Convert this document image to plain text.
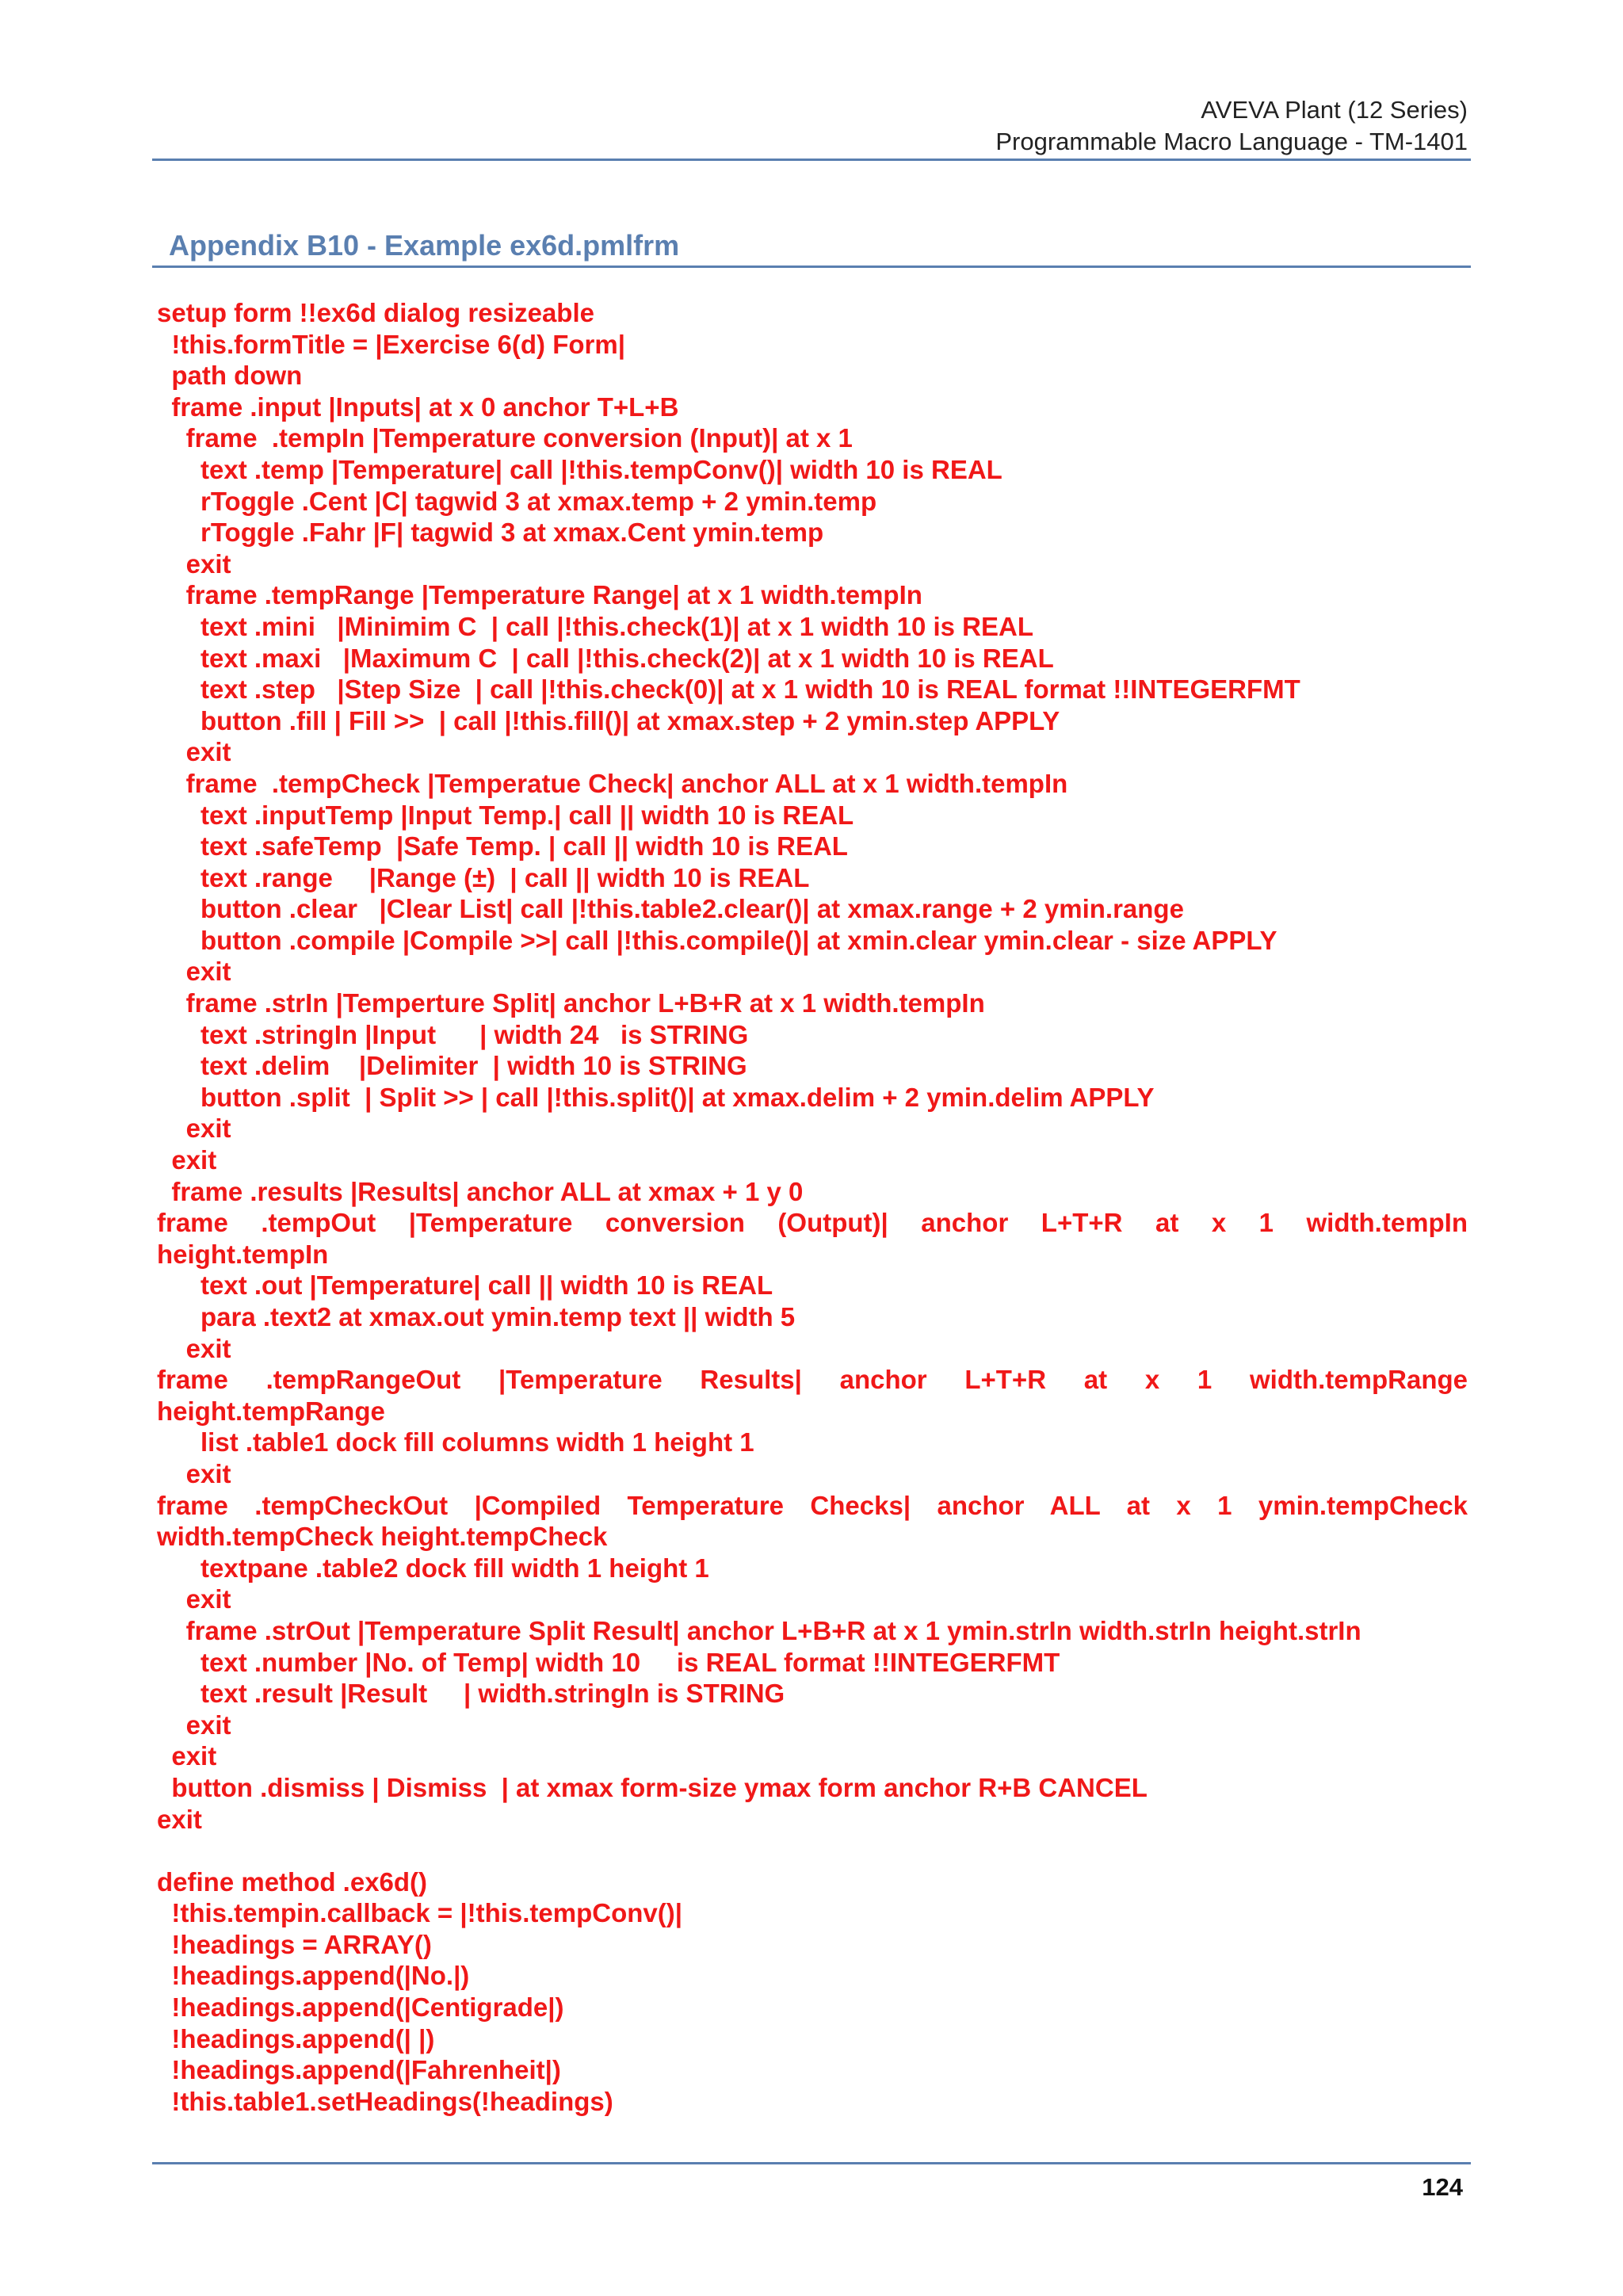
AVEVA Plant (12 Series)
Programmable Macro Language - TM-1401
Appendix B10 - Example ex6d.pmlfrm
setup form !!ex6d dialog resizeable
!this.formTitle = |Exercise 6(d) Form|
path down
frame .input |Inputs| at x 0 anchor T+L+B
frame  .tempIn |Temperature conversion (Input)| at x 1
text .temp |Temperature| call |!this.tempConv()| width 10 is REAL
rToggle .Cent |C| tagwid 3 at xmax.temp + 2 ymin.temp
rToggle .Fahr |F| tagwid 3 at xmax.Cent ymin.temp
exit
frame .tempRange |Temperature Range| at x 1 width.tempIn
text .mini   |Minimim C  | call |!this.check(1)| at x 1 width 10 is REAL
text .maxi   |Maximum C  | call |!this.check(2)| at x 1 width 10 is REAL
text .step   |Step Size  | call |!this.check(0)| at x 1 width 10 is REAL format !!INTEGERFMT
button .fill | Fill >>  | call |!this.fill()| at xmax.step + 2 ymin.step APPLY
exit
frame  .tempCheck |Temperatue Check| anchor ALL at x 1 width.tempIn
text .inputTemp |Input Temp.| call || width 10 is REAL
text .safeTemp  |Safe Temp. | call || width 10 is REAL
text .range     |Range (±)  | call || width 10 is REAL
button .clear   |Clear List| call |!this.table2.clear()| at xmax.range + 2 ymin.range
button .compile |Compile >>| call |!this.compile()| at xmin.clear ymin.clear - size APPLY
exit
frame .strIn |Temperture Split| anchor L+B+R at x 1 width.tempIn
text .stringIn |Input      | width 24   is STRING
text .delim    |Delimiter  | width 10 is STRING
button .split  | Split >> | call |!this.split()| at xmax.delim + 2 ymin.delim APPLY
exit
exit
frame .results |Results| anchor ALL at xmax + 1 y 0
frame .tempOut |Temperature conversion (Output)| anchor L+T+R at x 1 width.tempIn
height.tempIn
text .out |Temperature| call || width 10 is REAL
para .text2 at xmax.out ymin.temp text || width 5
exit
frame .tempRangeOut |Temperature Results| anchor L+T+R at x 1 width.tempRange
height.tempRange
list .table1 dock fill columns width 1 height 1
exit
frame .tempCheckOut |Compiled Temperature Checks| anchor ALL at x 1 ymin.tempCheck
width.tempCheck height.tempCheck
textpane .table2 dock fill width 1 height 1
exit
frame .strOut |Temperature Split Result| anchor L+B+R at x 1 ymin.strIn width.strIn height.strIn
text .number |No. of Temp| width 10     is REAL format !!INTEGERFMT
text .result |Result     | width.stringIn is STRING
exit
exit
button .dismiss | Dismiss  | at xmax form-size ymax form anchor R+B CANCEL
exit
define method .ex6d()
!this.tempin.callback = |!this.tempConv()|
!headings = ARRAY()
!headings.append(|No.|)
!headings.append(|Centigrade|)
!headings.append(| |)
!headings.append(|Fahrenheit|)
!this.table1.setHeadings(!headings)
124
